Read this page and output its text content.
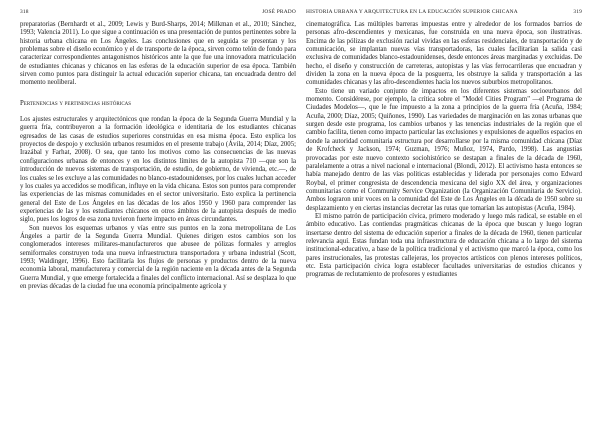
318	JOSÉ PRADO

preparatorias (Bernhardt et al., 2009; Lewis y Burd-Sharps, 2014; Milkman et al., 2010; Sánchez, 1993; Valencia 2011). Lo que sigue a continuación es una presentación de puntos pertinentes sobre la historia urbana chicana en Los Ángeles. Las conclusiones que en seguida se presentan y los problemas sobre el diseño económico y el de transporte de la época, sirven como telón de fondo para caracterizar correspondientes antagonismos históricos ante la que fue una innovadora matriculación de estudiantes chicanas y chicanos en las esferas de la educación superior de esa época. También sirven como puntos para distinguir la actual educación superior chicana, tan encuadrada dentro del momento neoliberal.

Pertenencias y pertinencias históricas

Los ajustes estructurales y arquitectónicos que rondan la época de la Segunda Guerra Mundial y la guerra fría, contribuyeron a la formación ideológica e identitaria de los estudiantes chicanas egresados de las casas de estudios superiores construidas en esa misma época. Esto explica los proyectos de despojo y exclusión urbanos resumidos en el presente trabajo (Ávila, 2014; Díaz, 2005; Irazábal y Farhat, 2008). O sea, que tanto los motivos como las consecuencias de las nuevas configuraciones urbanas de entonces y en los distintos límites de la autopista 710 —que son la introducción de nuevos sistemas de transportación, de estudio, de gobierno, de vivienda, etc.—, de los cuales se les excluye a las comunidades no blanco-estadounidenses, por los cuales luchan acceder y los cuales ya accedidos se modifican, influye en la vida chicana. Estos son puntos para comprender las experiencias de las mismas comunidades en el sector universitario. Esto explica la pertinencia general del Este de Los Ángeles en las décadas de los años 1950 y 1960 para comprender las experiencias de las y los estudiantes chicanos en otros ámbitos de la autopista después de medio siglo, pues los logros de esa zona tuvieron fuerte impacto en áreas circundantes.

Son nuevos los esquemas urbanos y vías entre sus puntos en la zona metropolitana de Los Ángeles a partir de la Segunda Guerra Mundial. Quienes dirigen estos cambios son los conglomerados intereses militares-manufactureros que abusee de pólizas formales y arreglos semiformales construyen toda una nueva infraestructura transportadora y urbana industrial (Scott, 1993; Waldinger, 1996). Esto facilitaría los flujos de personas y productos dentro de la nueva economía laboral, manufacturera y comercial de la región naciente en la década antes de la Segunda Guerra Mundial, y que emerge fortalecida a finales del conflicto internacional. Así se desplaza lo que en previas décadas de la ciudad fue una economía principalmente agrícola y

HISTORIA URBANA Y ARQUITECTURA EN LA EDUCACIÓN SUPERIOR CHICANA	319

cinematográfica. Las múltiples barreras impuestas entre y alrededor de los formados barrios de personas afro-descendientes y mexicanas, fue construida en una nueva época, son ilustrativas. Encima de las pólizas de exclusión racial vividas en las esferas residenciales, de transportación y de comunicación, se implantan nuevas vías transportadoras, las cuales facilitarían la salida casi exclusiva de comunidades blanco-estadounidenses, desde entonces áreas marginadas y excluidas. De hecho, el diseño y construcción de carreteras, autopistas y las vías ferrocarrileras que encuadran y dividen la zona en la nueva época de la posguerra, les obstruye la salida y transportación a las comunidades chicanas y las afro-descendientes hacia los nuevos suburbios metropolitanos.

Esto tiene un variado conjunto de impactos en los diferentes sistemas socioeurbanos del momento. Considérese, por ejemplo, la crítica sobre el "Model Cities Program" —el Programa de Ciudades Modelos—, que le fue impuesto a la zona a principios de la guerra fría (Acuña, 1984; Acuña, 2000; Díaz, 2005; Quiñones, 1990). Las variedades de marginación en las zonas urbanas que surgen desde este programa, los cambios urbanos y las tenencias industriales de la región que el cambio facilita, tienen como impacto particular las exclusiones y expulsiones de aquellos espacios en donde la autoridad comunitaria estructura por desarrollarse por la misma comunidad chicana (Díaz de Krofcheck y Jackson, 1974; Guzman, 1976; Muñoz, 1974, Pardo, 1998). Las angustias provocadas por este nuevo contexto sociohistórico se destapan a finales de la década de 1960, paralelamente a otras a nivel nacional e internacional (Blondi, 2012). El activismo hasta entonces se había manejado dentro de las vías políticas establecidas y liderada por personajes como Edward Roybal, el primer congresista de descendencia mexicana del siglo XX del área, y organizaciones comunitarias como el Community Service Organization (la Organización Comunitaria de Servicio). Ambos lograron unir voces en la comunidad del Este de Los Ángeles en la década de 1950 sobre su desplazamiento y en ciertas instancias decretar las rutas que tomarían las autopistas (Acuña, 1984).

El mismo patrón de participación cívica, primero moderado y luego más radical, se estable en el ámbito educativo. Las contiendas pragmáticas chicanas de la época que buscan y luego logran insertarse dentro del sistema de educación superior a finales de la década de 1960, tienen particular relevancia aquí. Estas fundan toda una infraestructura de educación chicana a lo largo del sistema institucional-educativo, a base de la política tradicional y el activismo que marcó la época, como los pares instrucionales, las protestas callejeras, los proyectos artísticos con plenos intereses políticos, etc. Esta participación cívica logra establecer facultades universitarias de estudios chicanos y programas de reclutamiento de profesores y estudiantes
